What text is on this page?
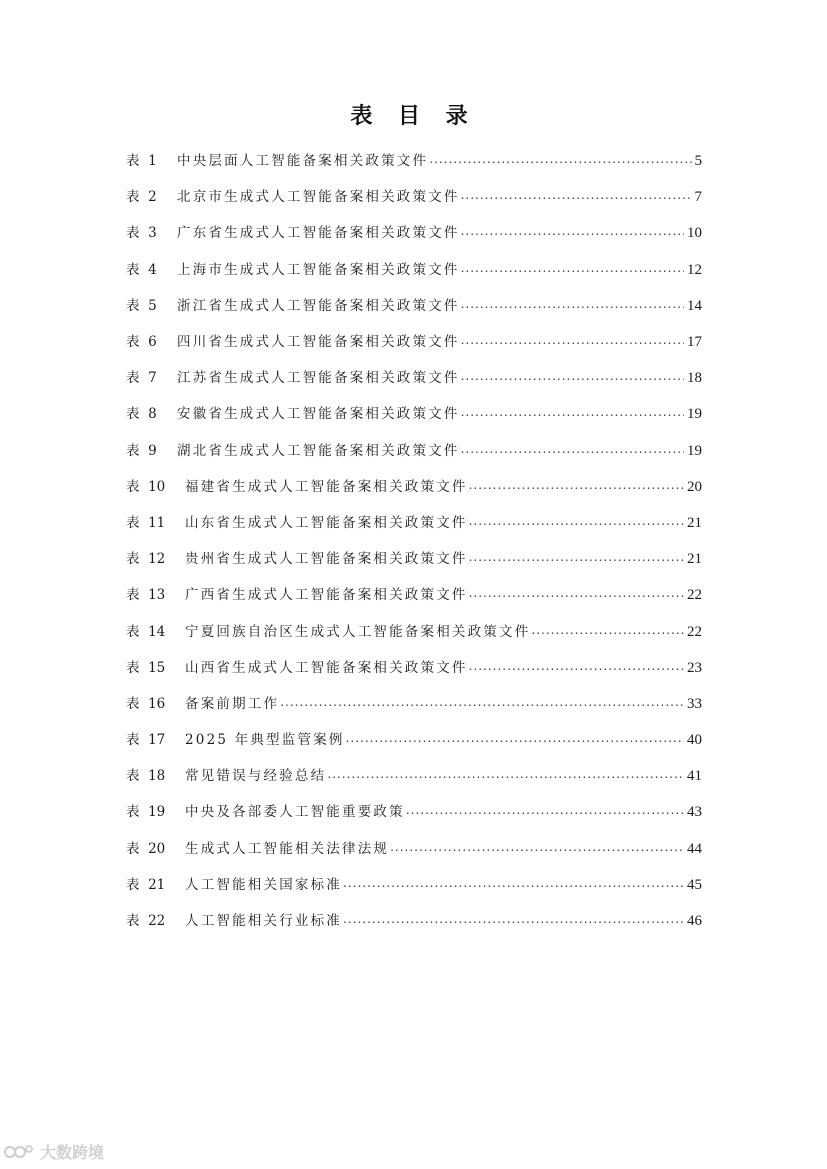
表 目 录
表 1	中央层面人工智能备案相关政策文件 .....	5
表 2	北京市生成式人工智能备案相关政策文件 .....	7
表 3	广东省生成式人工智能备案相关政策文件 .....	10
表 4	上海市生成式人工智能备案相关政策文件 .....	12
表 5	浙江省生成式人工智能备案相关政策文件 .....	14
表 6	四川省生成式人工智能备案相关政策文件 .....	17
表 7	江苏省生成式人工智能备案相关政策文件 .....	18
表 8	安徽省生成式人工智能备案相关政策文件 .....	19
表 9	湖北省生成式人工智能备案相关政策文件 .....	19
表 10	福建省生成式人工智能备案相关政策文件 .....	20
表 11	山东省生成式人工智能备案相关政策文件 .....	21
表 12	贵州省生成式人工智能备案相关政策文件 .....	21
表 13	广西省生成式人工智能备案相关政策文件 .....	22
表 14	宁夏回族自治区生成式人工智能备案相关政策文件 .....	22
表 15	山西省生成式人工智能备案相关政策文件 .....	23
表 16	备案前期工作 .....	33
表 17	2025 年典型监管案例 .....	40
表 18	常见错误与经验总结 .....	41
表 19	中央及各部委人工智能重要政策 .....	43
表 20	生成式人工智能相关法律法规 .....	44
表 21	人工智能相关国家标准 .....	45
表 22	人工智能相关行业标准 .....	46
大数跨境
